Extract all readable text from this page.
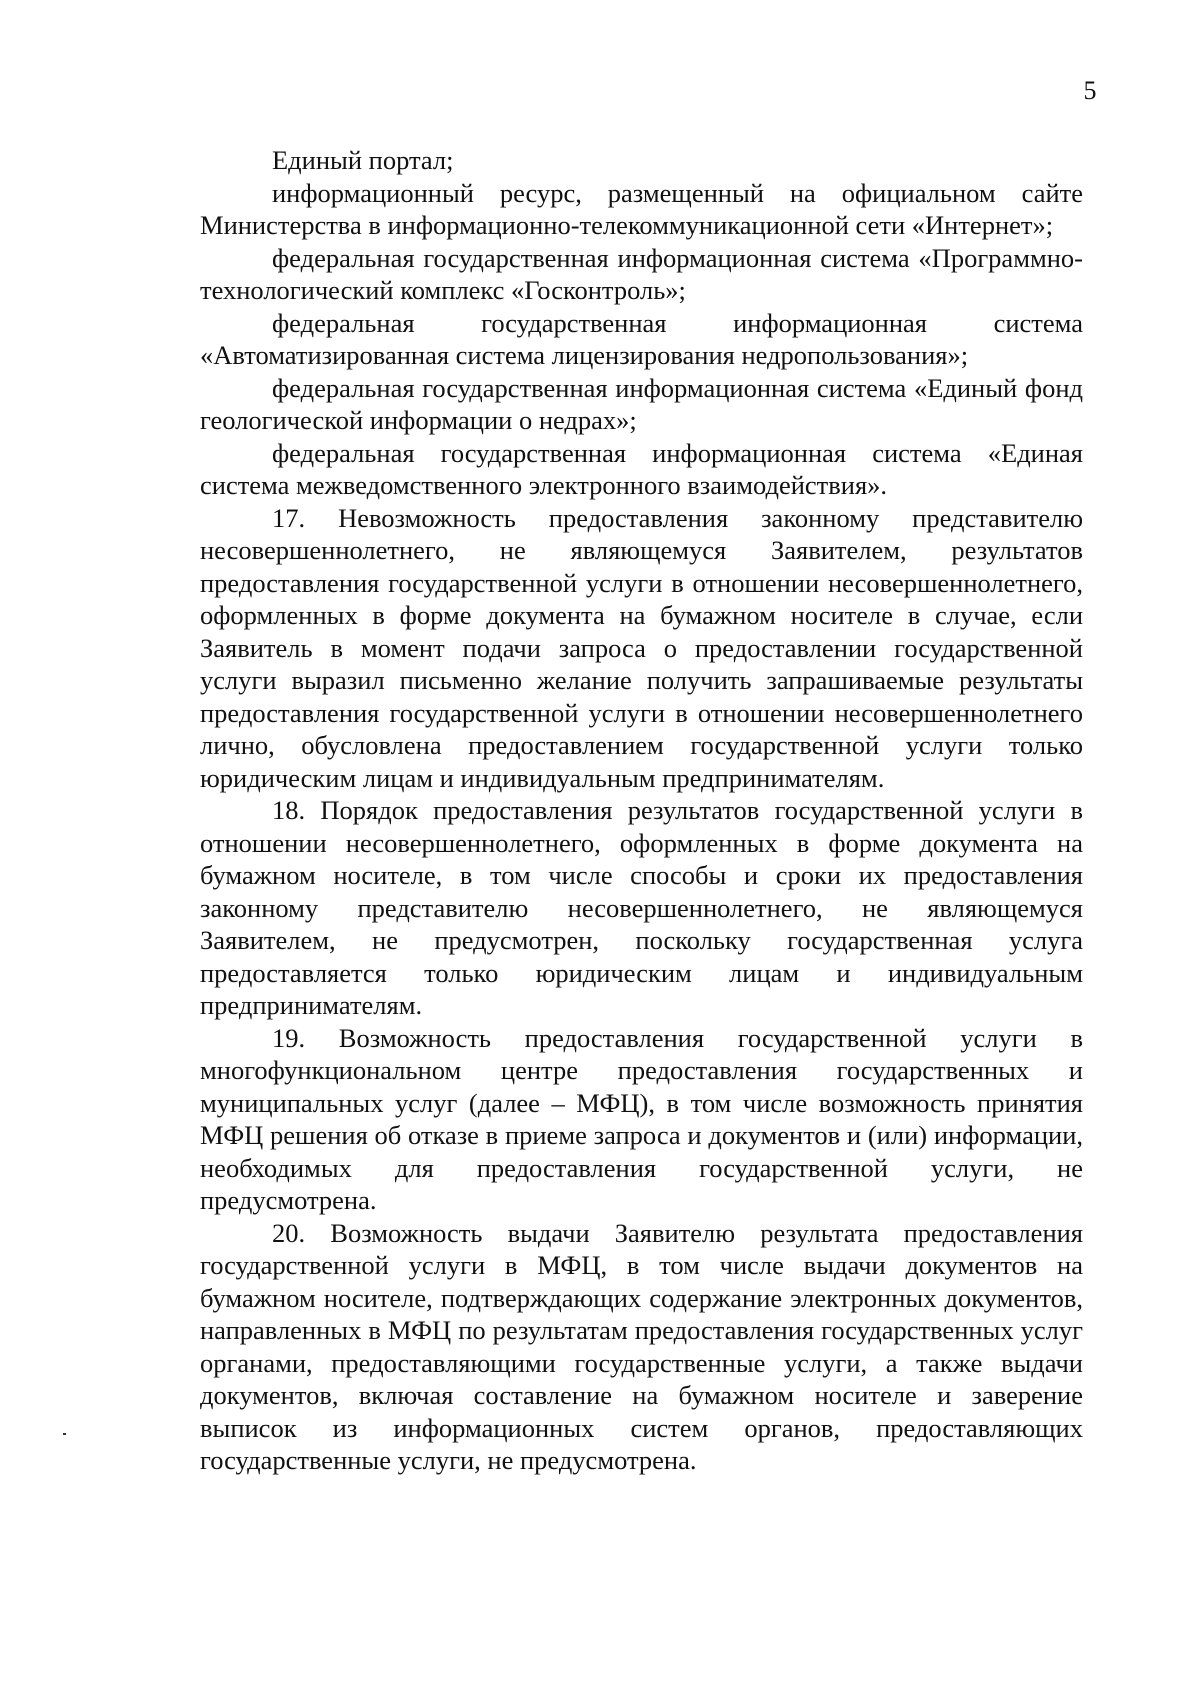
5

Единый портал;

информационный ресурс, размещенный на официальном сайте Министерства в информационно-телекоммуникационной сети «Интернет»;

федеральная государственная информационная система «Программно-технологический комплекс «Госконтроль»;

федеральная государственная информационная система «Автоматизированная система лицензирования недропользования»;

федеральная государственная информационная система «Единый фонд геологической информации о недрах»;

федеральная государственная информационная система «Единая система межведомственного электронного взаимодействия».

17. Невозможность предоставления законному представителю несовершеннолетнего, не являющемуся Заявителем, результатов предоставления государственной услуги в отношении несовершеннолетнего, оформленных в форме документа на бумажном носителе в случае, если Заявитель в момент подачи запроса о предоставлении государственной услуги выразил письменно желание получить запрашиваемые результаты предоставления государственной услуги в отношении несовершеннолетнего лично, обусловлена предоставлением государственной услуги только юридическим лицам и индивидуальным предпринимателям.

18. Порядок предоставления результатов государственной услуги в отношении несовершеннолетнего, оформленных в форме документа на бумажном носителе, в том числе способы и сроки их предоставления законному представителю несовершеннолетнего, не являющемуся Заявителем, не предусмотрен, поскольку государственная услуга предоставляется только юридическим лицам и индивидуальным предпринимателям.

19. Возможность предоставления государственной услуги в многофункциональном центре предоставления государственных и муниципальных услуг (далее – МФЦ), в том числе возможность принятия МФЦ решения об отказе в приеме запроса и документов и (или) информации, необходимых для предоставления государственной услуги, не предусмотрена.

20. Возможность выдачи Заявителю результата предоставления государственной услуги в МФЦ, в том числе выдачи документов на бумажном носителе, подтверждающих содержание электронных документов, направленных в МФЦ по результатам предоставления государственных услуг органами, предоставляющими государственные услуги, а также выдачи документов, включая составление на бумажном носителе и заверение выписок из информационных систем органов, предоставляющих государственные услуги, не предусмотрена.
